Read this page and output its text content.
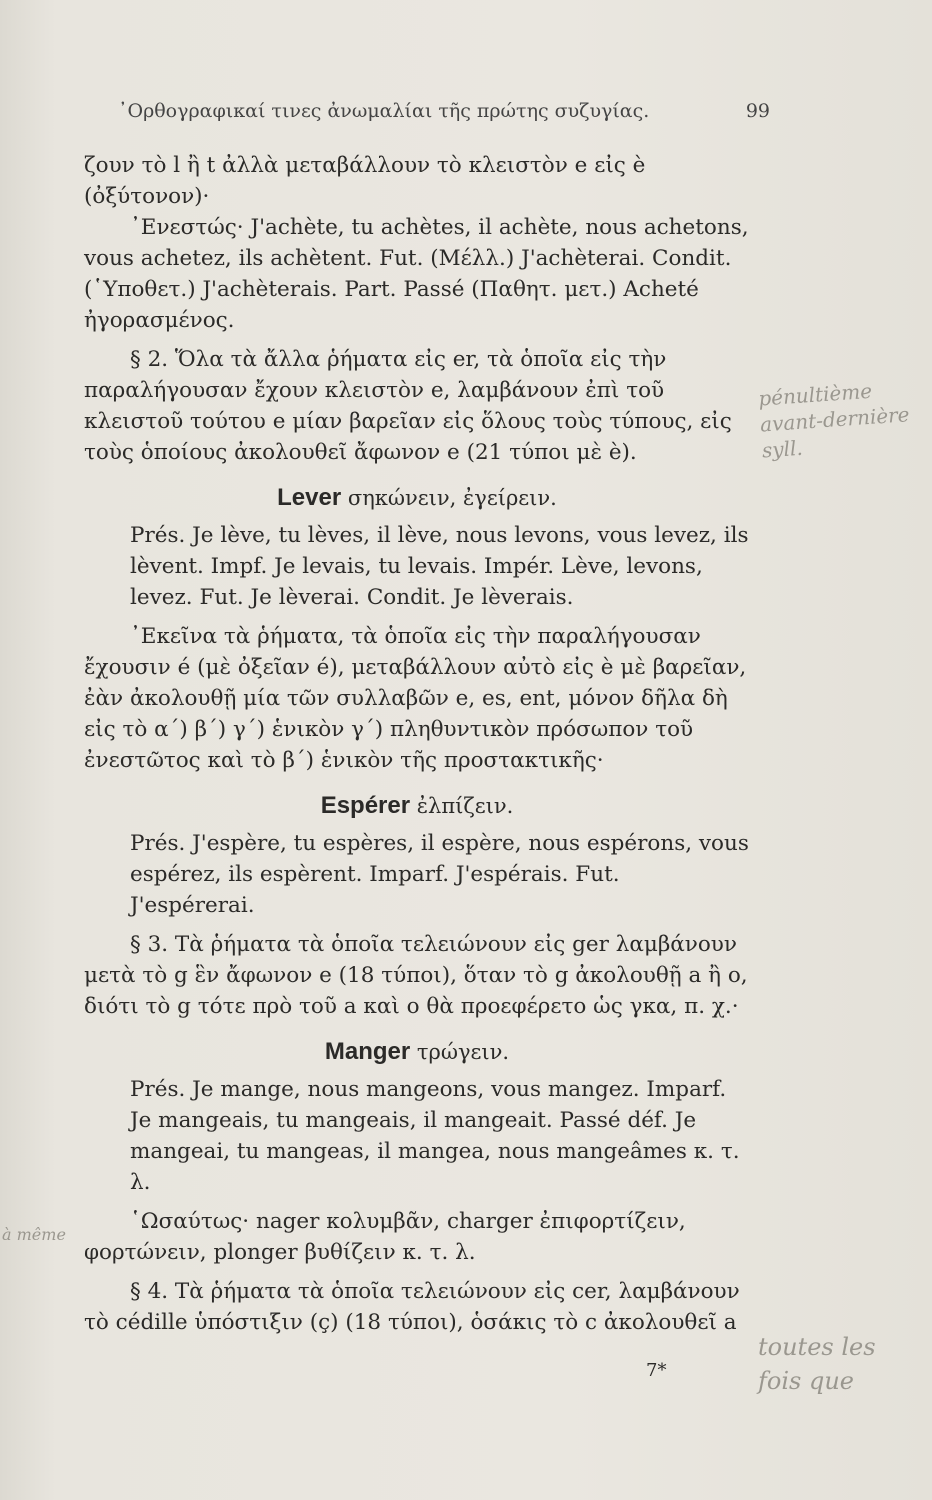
᾿Ορθογραφικαί τινες ἀνωμαλίαι τῆς πρώτης συζυγίας.	99

ζουν τὸ l ἢ t ἀλλὰ μεταβάλλουν τὸ κλειστὸν e εἰς è (ὀξύτονον)·

᾿Ενεστώς· J'achète, tu achètes, il achète, nous achetons, vous achetez, ils achètent. Fut. (Μέλλ.) J'achèterai. Condit. (῾Υποθετ.) J'achèterais. Part. Passé (Παθητ. μετ.) Acheté ἠγορασμένος.

§ 2. Ὅλα τὰ ἄλλα ῥήματα εἰς er, τὰ ὁποῖα εἰς τὴν παραλήγουσαν ἔχουν κλειστὸν e, λαμβάνουν ἐπὶ τοῦ κλειστοῦ τούτου e μίαν βαρεῖαν εἰς ὅλους τοὺς τύπους, εἰς τοὺς ὁποίους ἀκολουθεῖ ἄφωνον e (21 τύποι μὲ è).

Lever σηκώνειν, ἐγείρειν.

Prés. Je lève, tu lèves, il lève, nous levons, vous levez, ils lèvent. Impf. Je levais, tu levais. Impér. Lève, levons, levez. Fut. Je lèverai. Condit. Je lèverais.

᾿Εκεῖνα τὰ ῥήματα, τὰ ὁποῖα εἰς τὴν παραλήγουσαν ἔχουσιν é (μὲ ὀξεῖαν é), μεταβάλλουν αὐτὸ εἰς è μὲ βαρεῖαν, ἐὰν ἀκολουθῇ μία τῶν συλλαβῶν e, es, ent, μόνον δῆλα δὴ εἰς τὸ α΄) β΄) γ΄) ἑνικὸν γ΄) πληθυντικὸν πρόσωπον τοῦ ἐνεστῶτος καὶ τὸ β΄) ἑνικὸν τῆς προστακτικῆς·

Espérer ἐλπίζειν.

Prés. J'espère, tu espères, il espère, nous espérons, vous espérez, ils espèrent. Imparf. J'espérais. Fut. J'espérerai.

§ 3. Τὰ ῥήματα τὰ ὁποῖα τελειώνουν εἰς ger λαμβάνουν μετὰ τὸ g ἓν ἄφωνον e (18 τύποι), ὅταν τὸ g ἀκολουθῇ a ἢ o, διότι τὸ g τότε πρὸ τοῦ a καὶ o θὰ προεφέρετο ὡς γκα, π. χ.·

Manger τρώγειν.

Prés. Je mange, nous mangeons, vous mangez. Imparf. Je mangeais, tu mangeais, il mangeait. Passé déf. Je mangeai, tu mangeas, il mangea, nous mangeâmes κ. τ. λ.

῾Ωσαύτως· nager κολυμβᾶν, charger ἐπιφορτίζειν, φορτώνειν, plonger βυθίζειν κ. τ. λ.

§ 4. Τὰ ῥήματα τὰ ὁποῖα τελειώνουν εἰς cer, λαμβάνουν τὸ cédille ὑπόστιξιν (ç) (18 τύποι), ὁσάκις τὸ c ἀκολουθεῖ a

7*
pénultième avant-dernière syll.
à même
toutes les fois que
